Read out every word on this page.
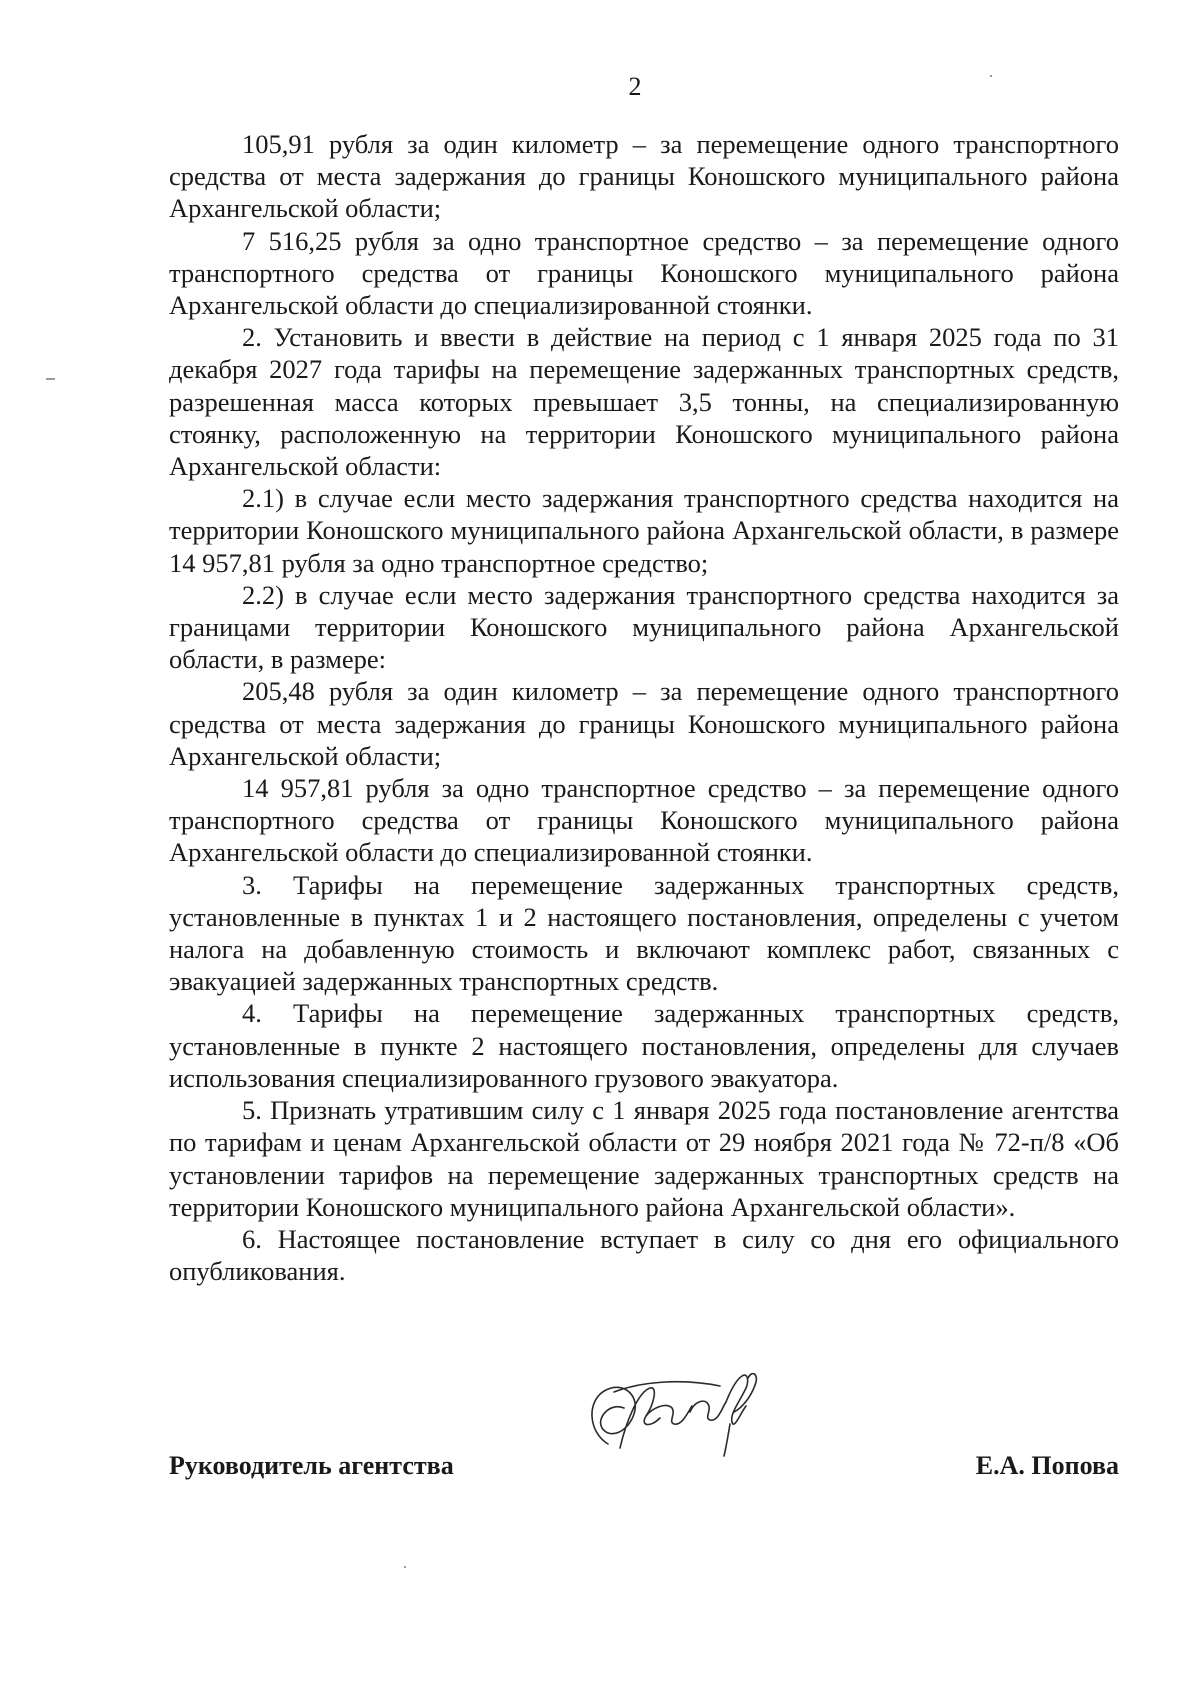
2

105,91 рубля за один километр – за перемещение одного транспортного средства от места задержания до границы Коношского муниципального района Архангельской области;

7 516,25 рубля за одно транспортное средство – за перемещение одного транспортного средства от границы Коношского муниципального района Архангельской области до специализированной стоянки.

2. Установить и ввести в действие на период с 1 января 2025 года по 31 декабря 2027 года тарифы на перемещение задержанных транспортных средств, разрешенная масса которых превышает 3,5 тонны, на специализированную стоянку, расположенную на территории Коношского муниципального района Архангельской области:

2.1) в случае если место задержания транспортного средства находится на территории Коношского муниципального района Архангельской области, в размере 14 957,81 рубля за одно транспортное средство;

2.2) в случае если место задержания транспортного средства находится за границами территории Коношского муниципального района Архангельской области, в размере:

205,48 рубля за один километр – за перемещение одного транспортного средства от места задержания до границы Коношского муниципального района Архангельской области;

14 957,81 рубля за одно транспортное средство – за перемещение одного транспортного средства от границы Коношского муниципального района Архангельской области до специализированной стоянки.

3. Тарифы на перемещение задержанных транспортных средств, установленные в пунктах 1 и 2 настоящего постановления, определены с учетом налога на добавленную стоимость и включают комплекс работ, связанных с эвакуацией задержанных транспортных средств.

4. Тарифы на перемещение задержанных транспортных средств, установленные в пункте 2 настоящего постановления, определены для случаев использования специализированного грузового эвакуатора.

5. Признать утратившим силу с 1 января 2025 года постановление агентства по тарифам и ценам Архангельской области от 29 ноября 2021 года № 72-п/8 «Об установлении тарифов на перемещение задержанных транспортных средств на территории Коношского муниципального района Архангельской области».

6. Настоящее постановление вступает в силу со дня его официального опубликования.

Руководитель агентства	Е.А. Попова
